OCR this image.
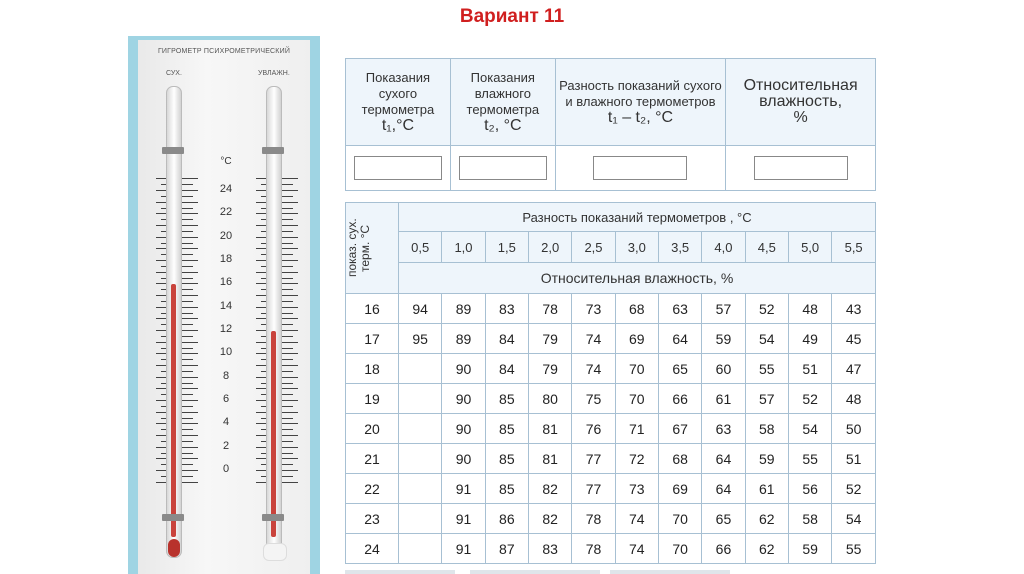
Вариант 11
ГИГРОМЕТР ПСИХРОМЕТРИЧЕСКИЙ
СУХ.	УВЛАЖН.
°C
24
22
20
18
16
14
12
10
8
6
4
2
0
Показания сухого термометра
t₁,°C	Показания влажного термометра
t₂, °C	Разность показаний сухого и влажного термометров
t₁ – t₂, °C	Относительная влажность,
%

показ. сух. терм. °C	Разность показаний термометров , °C										
	0,5	1,0	1,5	2,0	2,5	3,0	3,5	4,0	4,5	5,0	5,5
	Относительная влажность, %										
16	94	89	83	78	73	68	63	57	52	48	43
17	95	89	84	79	74	69	64	59	54	49	45
18		90	84	79	74	70	65	60	55	51	47
19		90	85	80	75	70	66	61	57	52	48
20		90	85	81	76	71	67	63	58	54	50
21		90	85	81	77	72	68	64	59	55	51
22		91	85	82	77	73	69	64	61	56	52
23		91	86	82	78	74	70	65	62	58	54
24		91	87	83	78	74	70	66	62	59	55
